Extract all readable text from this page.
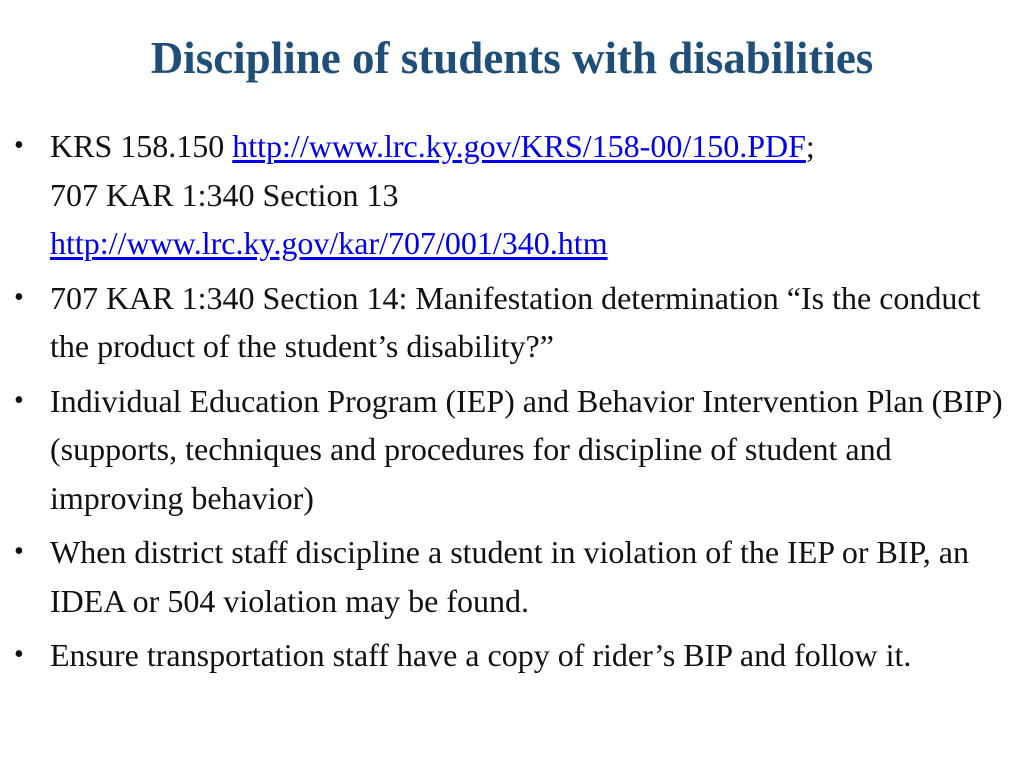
Discipline of students with disabilities
• KRS 158.150 http://www.lrc.ky.gov/KRS/158-00/150.PDF;
707 KAR 1:340 Section 13
http://www.lrc.ky.gov/kar/707/001/340.htm
• 707 KAR 1:340 Section 14: Manifestation determination “Is the conduct the product of the student’s disability?”
• Individual Education Program (IEP) and Behavior Intervention Plan (BIP) (supports, techniques and procedures for discipline of student and improving behavior)
• When district staff discipline a student in violation of the IEP or BIP, an IDEA or 504 violation may be found.
• Ensure transportation staff have a copy of rider’s BIP and follow it.
